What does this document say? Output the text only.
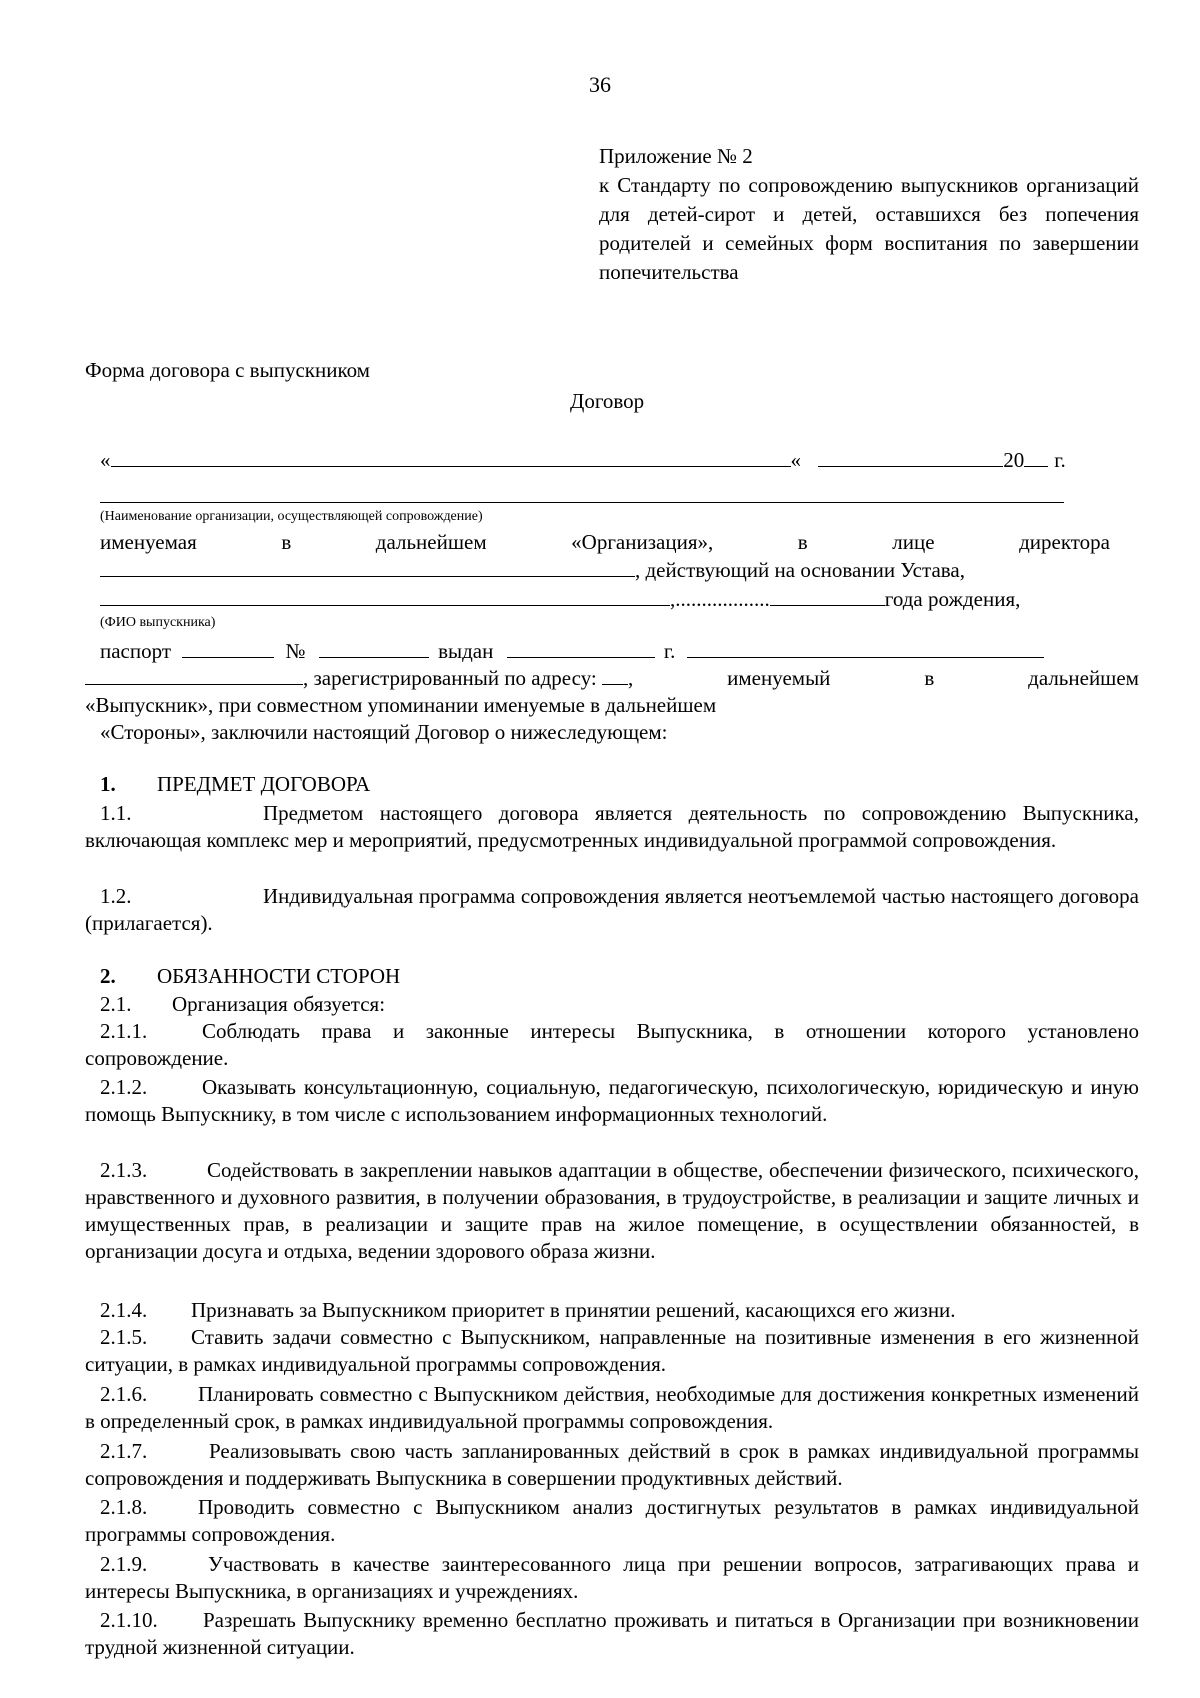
36
Приложение № 2
к Стандарту по сопровождению выпускников организаций для детей-сирот и детей, оставшихся без попечения родителей и семейных форм воспитания по завершении попечительства
Форма договора с выпускником
Договор
«	«	20 г.
(Наименование организации, осуществляющей сопровождение)
именуемая	в	дальнейшем	«Организация»,	в	лице	директора
, действующий на основании Устава,
,..................	года рождения,
(ФИО выпускника)
паспорт	№	выдан	г.
, зарегистрированный по адресу: ,	именуемый	в	дальнейшем
«Выпускник», при совместном упоминании именуемые в дальнейшем
«Стороны», заключили настоящий Договор о нижеследующем:
1. ПРЕДМЕТ ДОГОВОРА
1.1.	Предметом настоящего договора является деятельность по сопровождению Выпускника, включающая комплекс мер и мероприятий, предусмотренных индивидуальной программой сопровождения.
1.2.	Индивидуальная программа сопровождения является неотъемлемой частью настоящего договора (прилагается).
2. ОБЯЗАННОСТИ СТОРОН
2.1. Организация обязуется:
2.1.1.	Соблюдать права и законные интересы Выпускника, в отношении которого установлено сопровождение.
2.1.2.	Оказывать консультационную, социальную, педагогическую, психологическую, юридическую и иную помощь Выпускнику, в том числе с использованием информационных технологий.
2.1.3.	Содействовать в закреплении навыков адаптации в обществе, обеспечении физического, психического, нравственного и духовного развития, в получении образования, в трудоустройстве, в реализации и защите личных и имущественных прав, в реализации и защите прав на жилое помещение, в осуществлении обязанностей, в организации досуга и отдыха, ведении здорового образа жизни.
2.1.4. Признавать за Выпускником приоритет в принятии решений, касающихся его жизни.
2.1.5. Ставить задачи совместно с Выпускником, направленные на позитивные изменения в его жизненной ситуации, в рамках индивидуальной программы сопровождения.
2.1.6. Планировать совместно с Выпускником действия, необходимые для достижения конкретных изменений в определенный срок, в рамках индивидуальной программы сопровождения.
2.1.7.	Реализовывать свою часть запланированных действий в срок в рамках индивидуальной программы сопровождения и поддерживать Выпускника в совершении продуктивных действий.
2.1.8. Проводить совместно с Выпускником анализ достигнутых результатов в рамках индивидуальной программы сопровождения.
2.1.9.	Участвовать в качестве заинтересованного лица при решении вопросов, затрагивающих права и интересы Выпускника, в организациях и учреждениях.
2.1.10. Разрешать Выпускнику временно бесплатно проживать и питаться в Организации при возникновении трудной жизненной ситуации.
